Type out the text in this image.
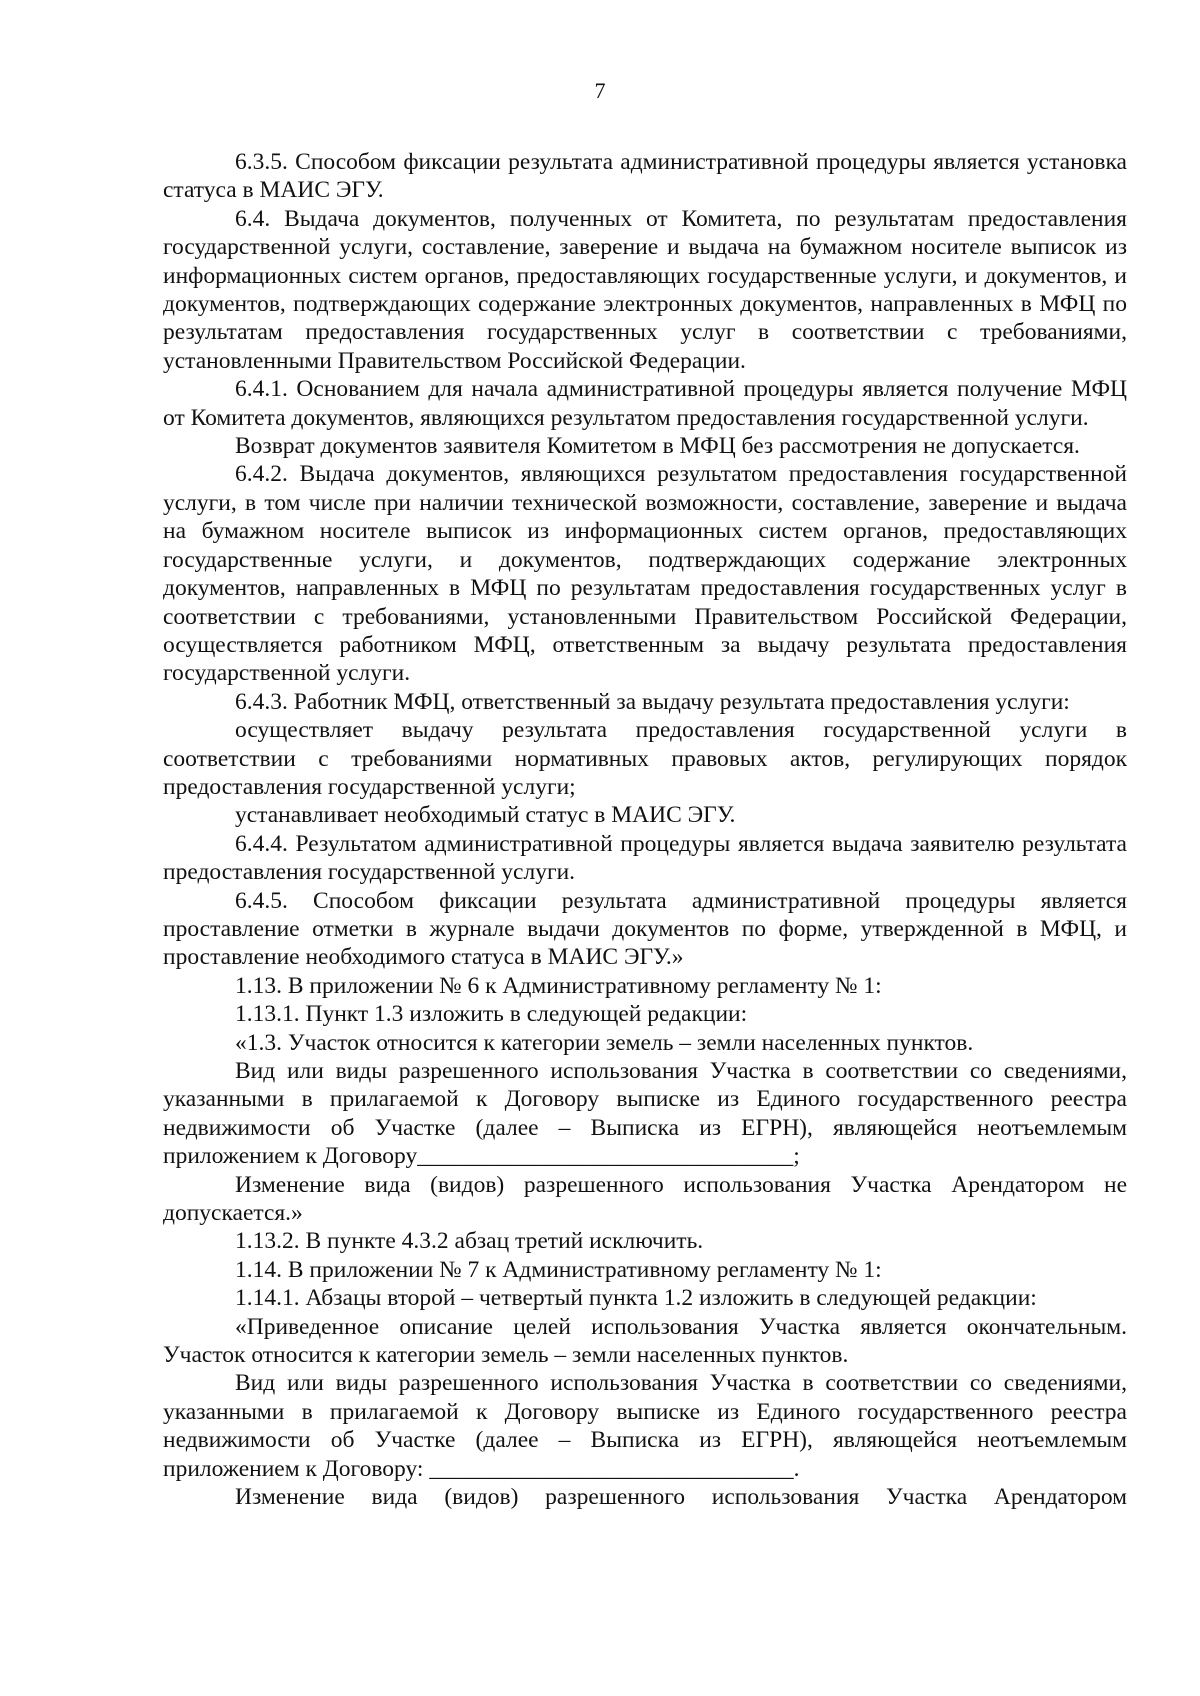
7

6.3.5. Способом фиксации результата административной процедуры является установка статуса в МАИС ЭГУ.

6.4. Выдача документов, полученных от Комитета, по результатам предоставления государственной услуги, составление, заверение и выдача на бумажном носителе выписок из информационных систем органов, предоставляющих государственные услуги, и документов, и документов, подтверждающих содержание электронных документов, направленных в МФЦ по результатам предоставления государственных услуг в соответствии с требованиями, установленными Правительством Российской Федерации.

6.4.1. Основанием для начала административной процедуры является получение МФЦ от Комитета документов, являющихся результатом предоставления государственной услуги.

Возврат документов заявителя Комитетом в МФЦ без рассмотрения не допускается.

6.4.2. Выдача документов, являющихся результатом предоставления государственной услуги, в том числе при наличии технической возможности, составление, заверение и выдача на бумажном носителе выписок из информационных систем органов, предоставляющих государственные услуги, и документов, подтверждающих содержание электронных документов, направленных в МФЦ по результатам предоставления государственных услуг в соответствии с требованиями, установленными Правительством Российской Федерации, осуществляется работником МФЦ, ответственным за выдачу результата предоставления государственной услуги.

6.4.3. Работник МФЦ, ответственный за выдачу результата предоставления услуги:

осуществляет выдачу результата предоставления государственной услуги в соответствии с требованиями нормативных правовых актов, регулирующих порядок предоставления государственной услуги;

устанавливает необходимый статус в МАИС ЭГУ.

6.4.4. Результатом административной процедуры является выдача заявителю результата предоставления государственной услуги.

6.4.5. Способом фиксации результата административной процедуры является проставление отметки в журнале выдачи документов по форме, утвержденной в МФЦ, и проставление необходимого статуса в МАИС ЭГУ.»

1.13. В приложении № 6 к Административному регламенту № 1:

1.13.1. Пункт 1.3 изложить в следующей редакции:

«1.3. Участок относится к категории земель – земли населенных пунктов.

Вид или виды разрешенного использования Участка в соответствии со сведениями, указанными в прилагаемой к Договору выписке из Единого государственного реестра недвижимости об Участке (далее – Выписка из ЕГРН), являющейся неотъемлемым приложением к Договору________________________________;

Изменение вида (видов) разрешенного использования Участка Арендатором не допускается.»

1.13.2. В пункте 4.3.2 абзац третий исключить.

1.14. В приложении № 7 к Административному регламенту № 1:

1.14.1. Абзацы второй – четвертый пункта 1.2 изложить в следующей редакции:

«Приведенное описание целей использования Участка является окончательным. Участок относится к категории земель – земли населенных пунктов.

Вид или виды разрешенного использования Участка в соответствии со сведениями, указанными в прилагаемой к Договору выписке из Единого государственного реестра недвижимости об Участке (далее – Выписка из ЕГРН), являющейся неотъемлемым приложением к Договору: _______________________________.

Изменение вида (видов) разрешенного использования Участка Арендатором
